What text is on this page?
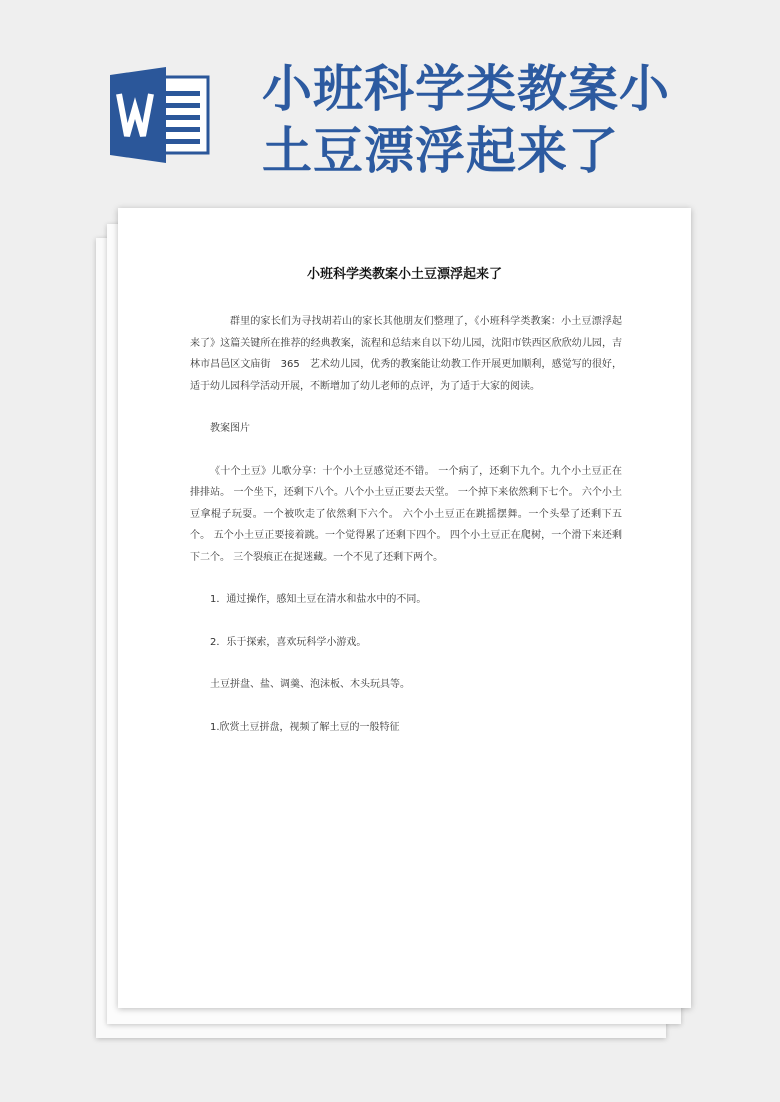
小班科学类教案小
土豆漂浮起来了
小班科学类教案小土豆漂浮起来了

群里的家长们为寻找胡若山的家长其他朋友们整理了，《小班科学类教案：小土豆漂浮起来了》这篇关键所在推荐的经典教案，流程和总结来自以下幼儿园，沈阳市铁西区欣欣幼儿园，吉林市昌邑区文庙街　365　艺术幼儿园，优秀的教案能让幼教工作开展更加顺利，感觉写的很好，适于幼儿园科学活动开展，不断增加了幼儿老师的点评，为了适于大家的阅读。

教案图片

《十个土豆》儿歌分享：十个小土豆感觉还不错。 一个病了，还剩下九个。九个小土豆正在排排站。 一个坐下，还剩下八个。八个小土豆正要去天堂。 一个掉下来依然剩下七个。 六个小土豆拿棍子玩耍。一个被吹走了依然剩下六个。 六个小土豆正在跳摇摆舞。一个头晕了还剩下五个。 五个小土豆正要接着跳。一个觉得累了还剩下四个。 四个小土豆正在爬树，一个滑下来还剩下二个。 三个裂痕正在捉迷藏。一个不见了还剩下两个。

1．通过操作，感知土豆在清水和盐水中的不同。

2．乐于探索，喜欢玩科学小游戏。

土豆拼盘、盐、调羹、泡沫板、木头玩具等。

1.欣赏土豆拼盘，视频了解土豆的一般特征
